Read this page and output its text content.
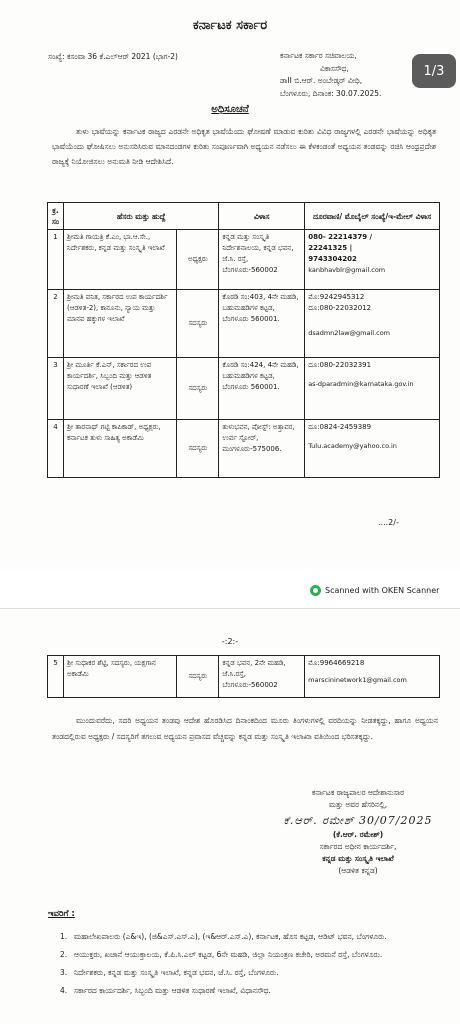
ಕರ್ನಾಟಕ ಸರ್ಕಾರ
ಸಂಖ್ಯೆ: ಕಸಂವಾ 36 ಕೆ.ಎಲ್‌ಆರ್ 2021 (ಭಾಗ-2)	ಕರ್ನಾಟಕ ಸರ್ಕಾರ ಸಚಿವಾಲಯ,
ವಿಕಾಸಸೌಧ,
ಡಾII ಬಿ.ಆರ್. ಅಂಬೇಡ್ಕರ್ ವೀಧಿ,
ಬೆಂಗಳೂರು, ದಿನಾಂಕ: 30.07.2025.
1/3
ಅಧಿಸೂಚನೆ

ತುಳು ಭಾಷೆಯನ್ನು ಕರ್ನಾಟಕ ರಾಜ್ಯದ ಎರಡನೇ ಅಧಿಕೃತ ಭಾಷೆಯೆಂದು ಘೋಷಣೆ ಮಾಡುವ ಕುರಿತು ವಿವಿಧ ರಾಜ್ಯಗಳಲ್ಲಿ ಎರಡನೇ ಭಾಷೆಯನ್ನು ಅಧಿಕೃತ ಭಾಷೆಯೆಂದು ಘೋಷಿಸಲು ಅನುಸರಿಸಿರುವ ಮಾನದಂಡಗಳ ಕುರಿತು ಸಂಪೂರ್ಣವಾಗಿ ಅಧ್ಯಯನ ನಡೆಸಲು ಈ ಕೆಳಕಂಡಂತೆ ಅಧ್ಯಯನ ತಂಡವನ್ನು ರಚಿಸಿ ಆಂಧ್ರಪ್ರದೇಶ ರಾಜ್ಯಕ್ಕೆ ನಿಯೋಜಿಸಲು ಅನುಮತಿ ನೀಡಿ ಆದೇಶಿಸಿದೆ.

ಕ್ರ. ಸಂ	ಹೆಸರು ಮತ್ತು ಹುದ್ದೆ		ವಿಳಾಸ	ದೂರವಾಣಿ/ ಮೊಬೈಲ್ ಸಂಖ್ಯೆ/ಇ-ಮೇಲ್ ವಿಳಾಸ
1	ಶ್ರೀಮತಿ ಗಾಯತ್ರಿ ಕೆ.ಎಂ, ಭಾ.ಆ.ಸೇ., ನಿರ್ದೇಶಕರು, ಕನ್ನಡ ಮತ್ತು ಸಂಸ್ಕೃತಿ ಇಲಾಖೆ	ಅಧ್ಯಕ್ಷರು	ಕನ್ನಡ ಮತ್ತು ಸಂಸ್ಕೃತಿ ನಿರ್ದೇಶನಾಲಯ, ಕನ್ನಡ ಭವನ, ಜೆ.ಸಿ. ರಸ್ತೆ, ಬೆಂಗಳೂರು-560002	080- 22214379 /
22241325 |
9743304202
kanbhavblr@gmail.com

2	ಶ್ರೀಮತಿ ವನಿತ, ಸರ್ಕಾರದ ಉಪ ಕಾರ್ಯದರ್ಶಿ (ಆಡಳಿತ-2), ಕಾನೂನು, ನ್ಯಾಯ ಮತ್ತು ಮಾನವ ಹಕ್ಕುಗಳ ಇಲಾಖೆ	ಸದಸ್ಯರು	ಕೊಠಡಿ ಸಂ:403, 4ನೇ ಮಹಡಿ, ಬಹುಮಹಡಿಗಳ ಕಟ್ಟಡ, ಬೆಂಗಳೂರು 560001.	ಮೊ:9242945312
ದೂ:080-22032012
dsadmn2law@gmail.com

3	ಶ್ರೀ ಮೂರ್ತಿ ಕೆ.ಎನ್, ಸರ್ಕಾರದ ಉಪ ಕಾರ್ಯದರ್ಶಿ, ಸಿಬ್ಬಂದಿ ಮತ್ತು ಆಡಳಿತ ಸುಧಾರಣೆ ಇಲಾಖೆ (ಆಡಳಿತ)	ಸದಸ್ಯರು	ಕೊಠಡಿ ಸಂ:424, 4ನೇ ಮಹಡಿ, ಬಹುಮಹಡಿಗಳ ಕಟ್ಟಡ, ಬೆಂಗಳೂರು 560001.	ದೂ:080-22032391
as-dparadmin@karnataka.gov.in

4	ಶ್ರೀ ತಾರನಾಥ್ ಗಟ್ಟಿ ಕಾಪಿಕಾಡ್, ಅಧ್ಯಕ್ಷರು, ಕರ್ನಾಟಕ ತುಳು ಸಾಹಿತ್ಯ ಅಕಾಡೆಮಿ	ಸದಸ್ಯರು	ತುಳುಭವನ, ಪೋಸ್ಟ್: ಅತ್ತಾವರ, ಉರ್ವ ಸ್ಟೋರ್, ಮಂಗಳೂರು-575006.	ದೂ:0824-2459389
Tulu.academy@yahoo.co.in
....2/-
Scanned with OKEN Scanner
-:2:-
5	ಶ್ರೀ ಸುಧಾಕರ ಶೆಟ್ಟಿ, ಸದಸ್ಯರು, ಯಕ್ಷಗಾನ ಅಕಾಡೆಮಿ	ಸದಸ್ಯರು	ಕನ್ನಡ ಭವನ, 2ನೇ ಮಹಡಿ, ಜೆ.ಸಿ.ರಸ್ತೆ, ಬೆಂಗಳೂರು-560002	
ಮೊ:9964669218
marscininetwork1@gmail.com

ಮುಂದುವರೆದು, ಸದರಿ ಅಧ್ಯಯನ ತಂಡವು ಆದೇಶ ಹೊರಡಿಸಿದ ದಿನಾಂಕದಿಂದ ಮೂರು ತಿಂಗಳುಗಳಲ್ಲಿ ವರದಿಯನ್ನು ನೀಡತಕ್ಕದ್ದು, ಹಾಗೂ ಅಧ್ಯಯನ ತಂಡದಲ್ಲಿರುವ ಅಧ್ಯಕ್ಷರು / ಸದಸ್ಯರಿಗೆ ತಗಲುವ ಅಧ್ಯಯನ ಪ್ರವಾಸದ ವೆಚ್ಚವನ್ನು ಕನ್ನಡ ಮತ್ತು ಸಂಸ್ಕೃತಿ ಇಲಾಖಾ ವತಿಯಿಂದ ಭರಿಸತಕ್ಕದ್ದು.

ಕರ್ನಾಟಕ ರಾಜ್ಯಪಾಲರ ಆದೇಶಾನುಸಾರ
ಮತ್ತು ಅವರ ಹೆಸರಿನಲ್ಲಿ,
ಕೆ.ಆರ್. ರಮೇಶ್ 30/07/2025
(ಕೆ.ಆರ್. ರಮೇಶ್)
ಸರ್ಕಾರದ ಅಧೀನ ಕಾರ್ಯದರ್ಶಿ,
ಕನ್ನಡ ಮತ್ತು ಸಂಸ್ಕೃತಿ ಇಲಾಖೆ
(ಆಡಳಿತ ಕನ್ನಡ)
ಇವರಿಗೆ :
1. ಮಹಾಲೇಖಪಾಲರು (ಎ&ಇ), (ಜಿ&ಎಸ್.ಎಸ್.ಎ), (ಇ&ಆರ್.ಎಸ್.ಎ), ಕರ್ನಾಟಕ, ಹೊಸ ಕಟ್ಟಡ, ಆಡಿಟ್ ಭವನ, ಬೆಂಗಳೂರು.
2. ಆಯುಕ್ತರು, ಖಜಾನೆ ಆಯುಕ್ತಾಲಯ, ಕೆ.ಪಿ.ಸಿ.ಎಲ್ ಕಟ್ಟಡ, 6ನೇ ಮಹಡಿ, ಜಿಲ್ಲಾ ನಿಯಂತ್ರಣ ಕಚೇರಿ, ಅರಮನೆ ರಸ್ತೆ, ಬೆಂಗಳೂರು.
3. ನಿರ್ದೇಶಕರು, ಕನ್ನಡ ಮತ್ತು ಸಂಸ್ಕೃತಿ ಇಲಾಖೆ, ಕನ್ನಡ ಭವನ, ಜೆ.ಸಿ. ರಸ್ತೆ, ಬೆಂಗಳೂರು.
4. ಸರ್ಕಾರದ ಕಾರ್ಯದರ್ಶಿ, ಸಿಬ್ಬಂದಿ ಮತ್ತು ಆಡಳಿತ ಸುಧಾರಣೆ ಇಲಾಖೆ, ವಿಧಾನಸೌಧ.
